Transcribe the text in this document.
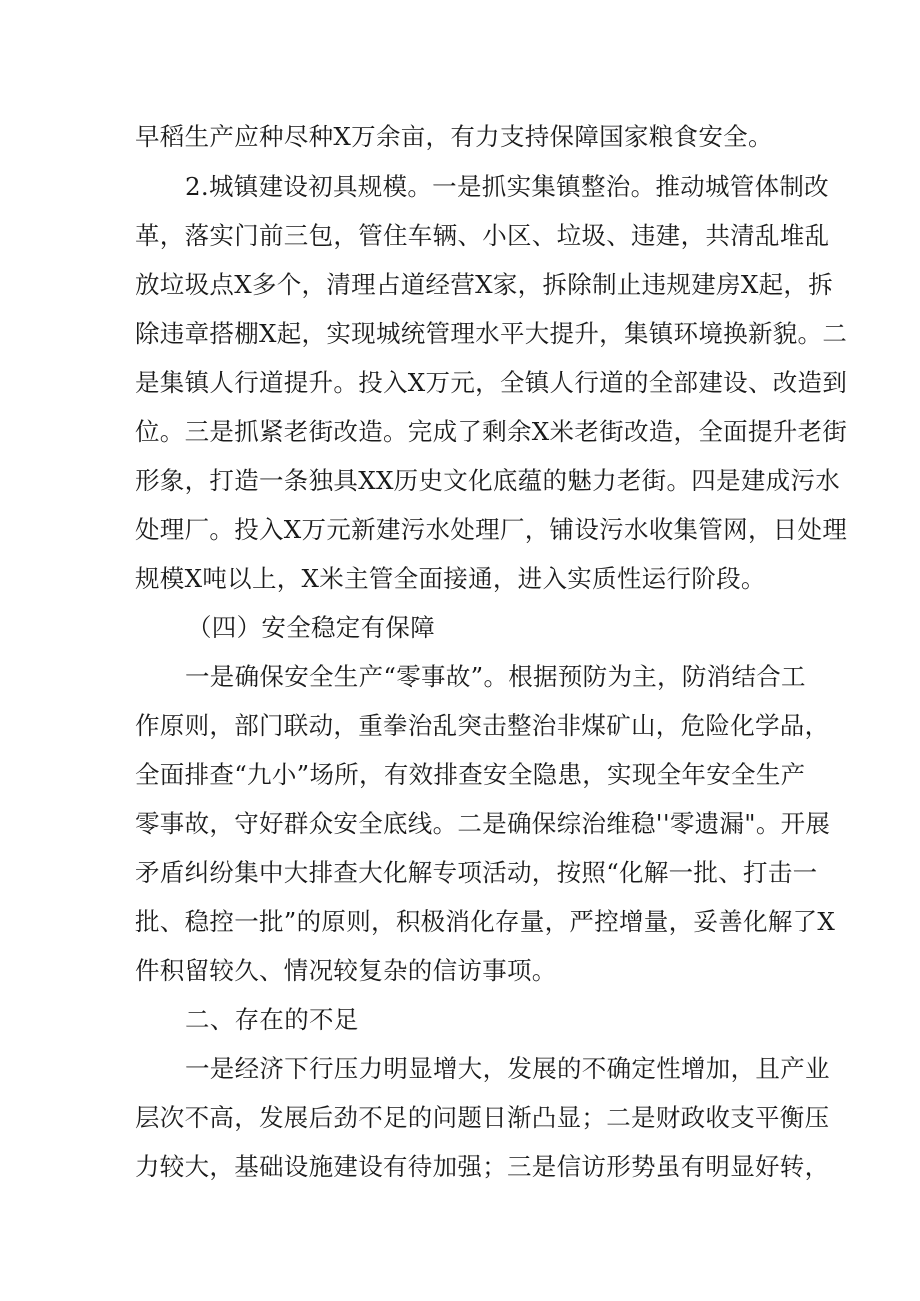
早稻生产应种尽种X万余亩，有力支持保障国家粮食安全。
2.城镇建设初具规模。一是抓实集镇整治。推动城管体制改
革，落实门前三包，管住车辆、小区、垃圾、违建，共清乱堆乱
放垃圾点X多个，清理占道经营X家，拆除制止违规建房X起，拆
除违章搭棚X起，实现城统管理水平大提升，集镇环境换新貌。二
是集镇人行道提升。投入X万元，全镇人行道的全部建设、改造到
位。三是抓紧老街改造。完成了剩余X米老街改造，全面提升老街
形象，打造一条独具XX历史文化底蕴的魅力老街。四是建成污水
处理厂。投入X万元新建污水处理厂，铺设污水收集管网，日处理
规模X吨以上，X米主管全面接通，进入实质性运行阶段。
（四）安全稳定有保障
一是确保安全生产“零事故”。根据预防为主，防消结合工
作原则，部门联动，重拳治乱突击整治非煤矿山，危险化学品，
全面排查“九小”场所，有效排查安全隐患，实现全年安全生产
零事故，守好群众安全底线。二是确保综治维稳''零遗漏"。开展
矛盾纠纷集中大排查大化解专项活动，按照“化解一批、打击一
批、稳控一批”的原则，积极消化存量，严控增量，妥善化解了X
件积留较久、情况较复杂的信访事项。
二、存在的不足
一是经济下行压力明显增大，发展的不确定性增加，且产业
层次不高，发展后劲不足的问题日渐凸显；二是财政收支平衡压
力较大，基础设施建设有待加强；三是信访形势虽有明显好转，
